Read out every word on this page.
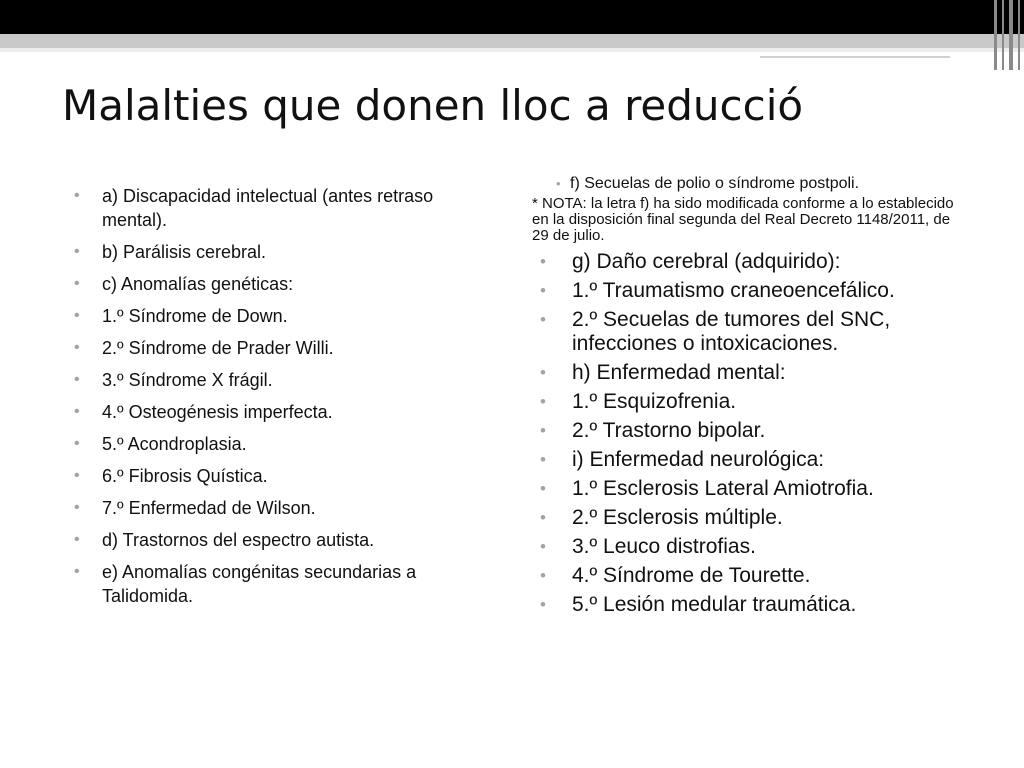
Malalties que donen lloc a reducció
• a) Discapacidad intelectual (antes retraso mental).
• b) Parálisis cerebral.
• c) Anomalías genéticas:
• 1.º Síndrome de Down.
• 2.º Síndrome de Prader Willi.
• 3.º Síndrome X frágil.
• 4.º Osteogénesis imperfecta.
• 5.º Acondroplasia.
• 6.º Fibrosis Quística.
• 7.º Enfermedad de Wilson.
• d) Trastornos del espectro autista.
• e) Anomalías congénitas secundarias a Talidomida.

• f) Secuelas de polio o síndrome postpoli.

* NOTA: la letra f) ha sido modificada conforme a lo establecido en la disposición final segunda del Real Decreto 1148/2011, de 29 de julio.

• g) Daño cerebral (adquirido):
• 1.º Traumatismo craneoencefálico.
• 2.º Secuelas de tumores del SNC, infecciones o intoxicaciones.
• h) Enfermedad mental:
• 1.º Esquizofrenia.
• 2.º Trastorno bipolar.
• i) Enfermedad neurológica:
• 1.º Esclerosis Lateral Amiotrofia.
• 2.º Esclerosis múltiple.
• 3.º Leuco distrofias.
• 4.º Síndrome de Tourette.
• 5.º Lesión medular traumática.
